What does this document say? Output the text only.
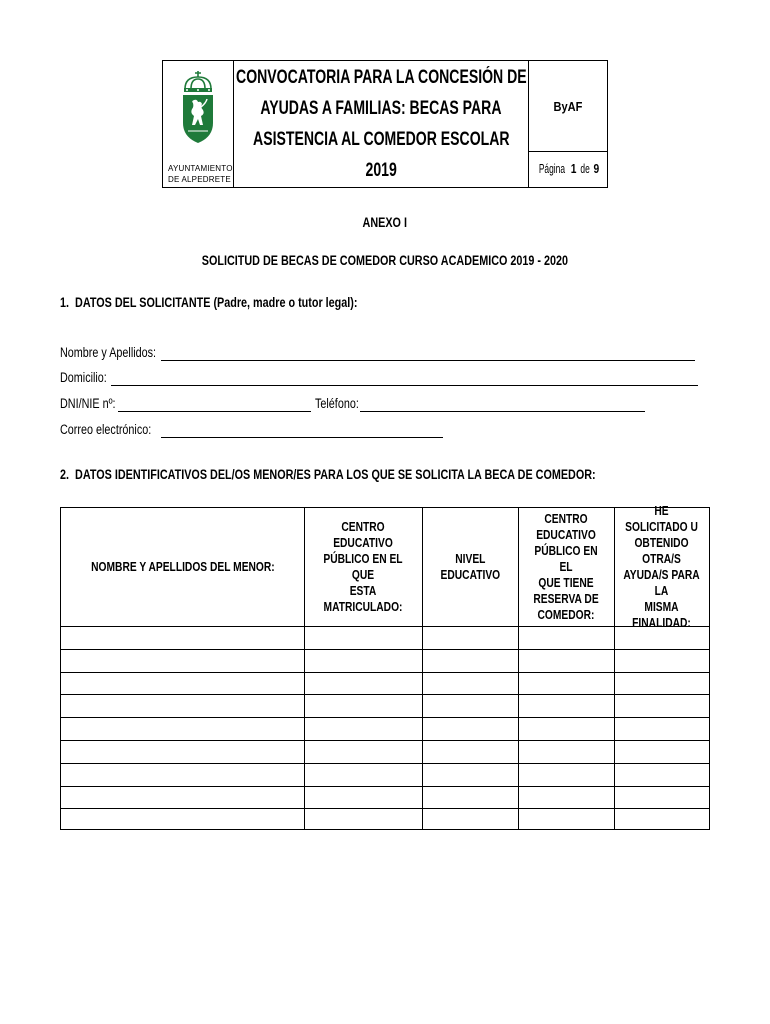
AYUNTAMIENTO
DE ALPEDRETE
CONVOCATORIA PARA LA CONCESIÓN DE
AYUDAS A FAMILIAS: BECAS PARA
ASISTENCIA AL COMEDOR ESCOLAR
2019
ByAF
Página 1 de 9
ANEXO I
SOLICITUD DE BECAS DE COMEDOR CURSO ACADEMICO 2019 - 2020
1. DATOS DEL SOLICITANTE (Padre, madre o tutor legal):
Nombre y Apellidos:
Domicilio:
DNI/NIE nº:	Teléfono:
Correo electrónico:
2. DATOS IDENTIFICATIVOS DEL/OS MENOR/ES PARA LOS QUE SE SOLICITA LA BECA DE COMEDOR:
NOMBRE Y APELLIDOS DEL MENOR:
CENTRO EDUCATIVO
PÚBLICO EN EL QUE
ESTA MATRICULADO:
NIVEL
EDUCATIVO
CENTRO
EDUCATIVO
PÚBLICO EN EL
QUE TIENE
RESERVA DE
COMEDOR:
HE SOLICITADO U
OBTENIDO OTRA/S
AYUDA/S PARA LA
MISMA FINALIDAD:
